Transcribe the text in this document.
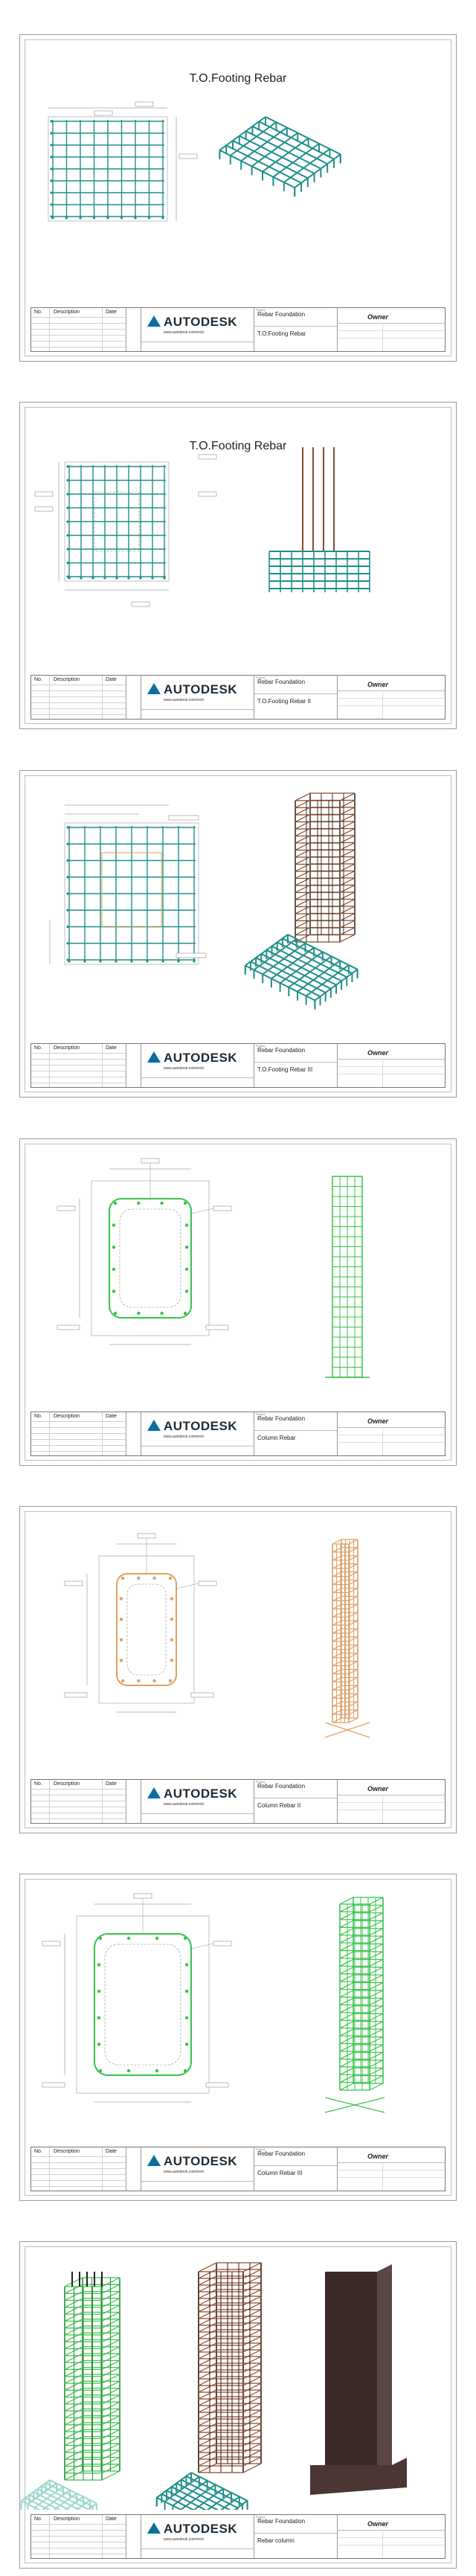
T.O.Footing Rebar
No. Description	Date
AUTODESK
www.autodesk.com/revit
Project
Rebar Foundation
T.O.Footing Rebar
Owner
T.O.Footing Rebar
No. Description	Date
AUTODESK
www.autodesk.com/revit
Project
Rebar Foundation
T.O.Footing Rebar II
Owner
No. Description	Date
AUTODESK
www.autodesk.com/revit
Project
Rebar Foundation
T.O.Footing Rebar III
Owner
No. Description	Date
AUTODESK
www.autodesk.com/revit
Project
Rebar Foundation
Column Rebar
Owner
No. Description	Date
AUTODESK
www.autodesk.com/revit
Project
Rebar Foundation
Column Rebar II
Owner
No. Description	Date
AUTODESK
www.autodesk.com/revit
Project
Rebar Foundation
Column Rebar III
Owner
No. Description	Date
AUTODESK
www.autodesk.com/revit
Project
Rebar Foundation
Rebar column
Owner
